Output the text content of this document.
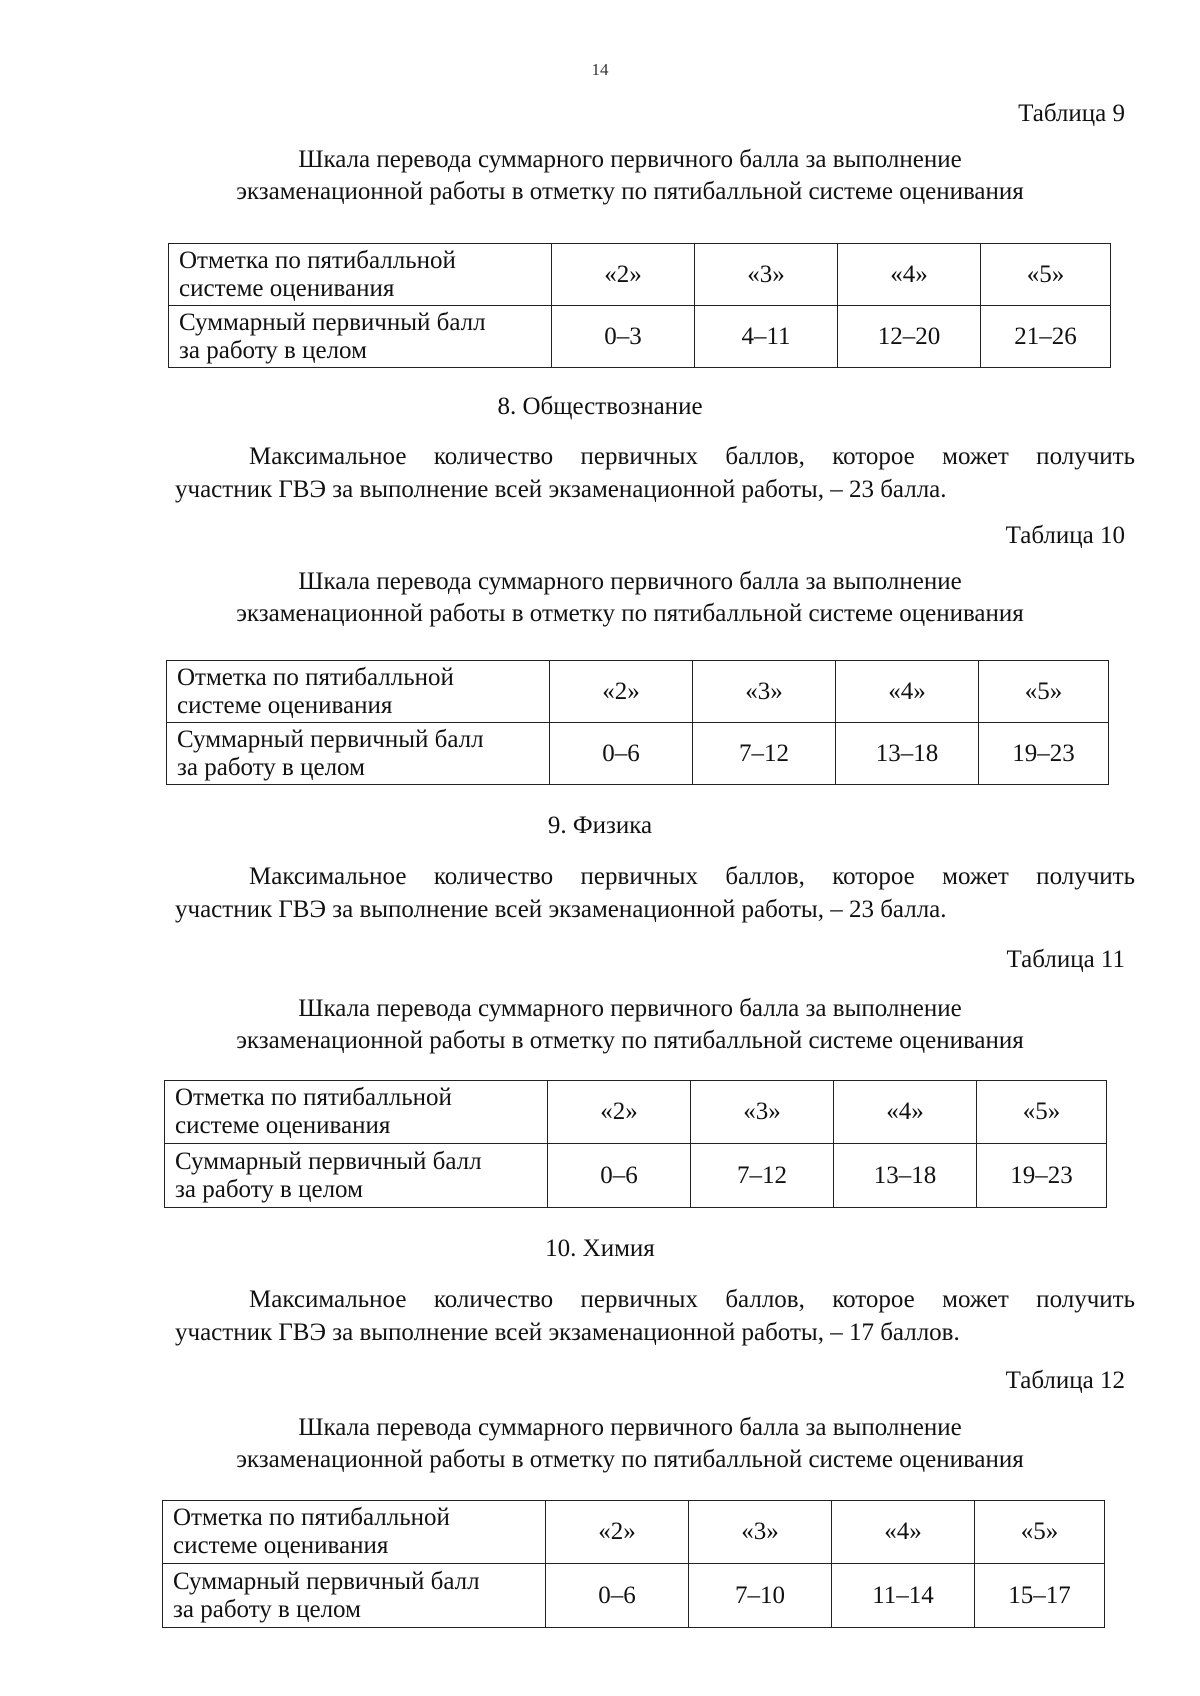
14
Таблица 9
Шкала перевода суммарного первичного балла за выполнение
экзаменационной работы в отметку по пятибалльной системе оценивания
Отметка по пятибалльной
системе оценивания	«2»	«3»	«4»	«5»

Суммарный первичный балл
за работу в целом	0–3	4–11	12–20	21–26
8. Обществознание
Максимальное количество первичных баллов, которое может получить
участник ГВЭ за выполнение всей экзаменационной работы, – 23 балла.
Таблица 10
Шкала перевода суммарного первичного балла за выполнение
экзаменационной работы в отметку по пятибалльной системе оценивания
Отметка по пятибалльной
системе оценивания	«2»	«3»	«4»	«5»

Суммарный первичный балл
за работу в целом	0–6	7–12	13–18	19–23
9. Физика
Максимальное количество первичных баллов, которое может получить
участник ГВЭ за выполнение всей экзаменационной работы, – 23 балла.
Таблица 11
Шкала перевода суммарного первичного балла за выполнение
экзаменационной работы в отметку по пятибалльной системе оценивания
Отметка по пятибалльной
системе оценивания	«2»	«3»	«4»	«5»

Суммарный первичный балл
за работу в целом	0–6	7–12	13–18	19–23
10. Химия
Максимальное количество первичных баллов, которое может получить
участник ГВЭ за выполнение всей экзаменационной работы, – 17 баллов.
Таблица 12
Шкала перевода суммарного первичного балла за выполнение
экзаменационной работы в отметку по пятибалльной системе оценивания
Отметка по пятибалльной
системе оценивания	«2»	«3»	«4»	«5»

Суммарный первичный балл
за работу в целом	0–6	7–10	11–14	15–17
